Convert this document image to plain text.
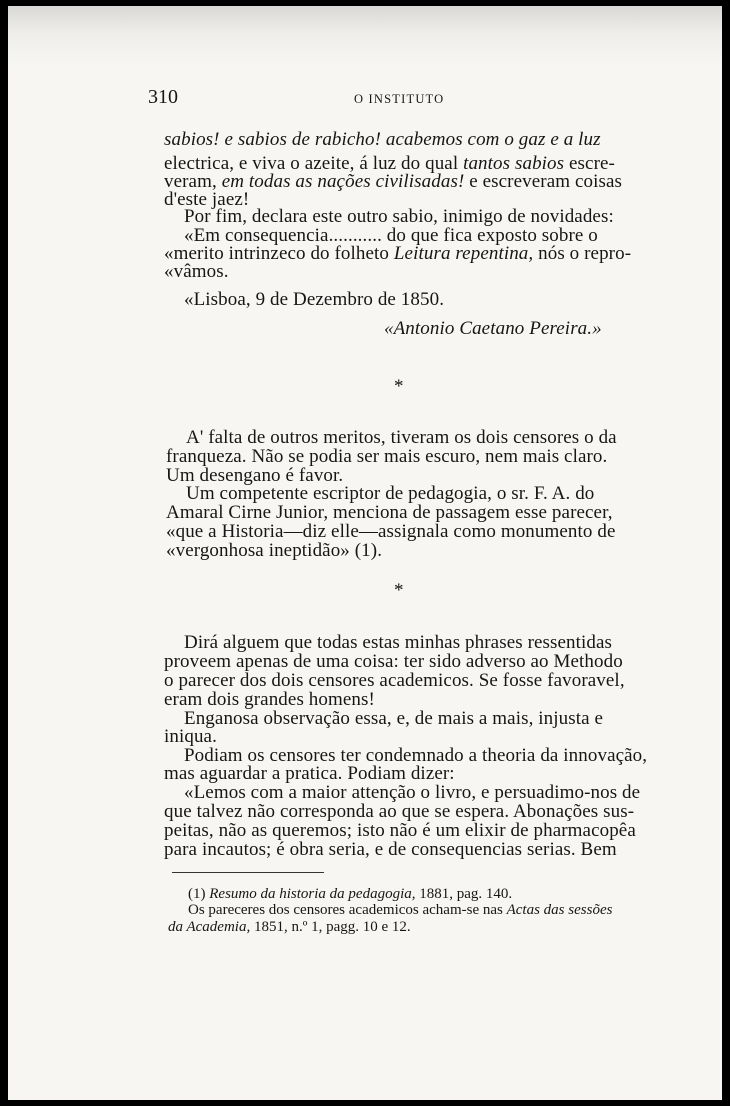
310	O INSTITUTO
sabios! e sabios de rabicho! acabemos com o gaz e a luz
electrica, e viva o azeite, á luz do qual tantos sabios escre-
veram, em todas as nações civilisadas! e escreveram coisas
d'este jaez!
Por fim, declara este outro sabio, inimigo de novidades:
«Em consequencia........... do que fica exposto sobre o
«merito intrinzeco do folheto Leitura repentina, nós o repro-
«vâmos.
«Lisboa, 9 de Dezembro de 1850.
«Antonio Caetano Pereira.»
*
A' falta de outros meritos, tiveram os dois censores o da
franqueza. Não se podia ser mais escuro, nem mais claro.
Um desengano é favor.
Um competente escriptor de pedagogia, o sr. F. A. do
Amaral Cirne Junior, menciona de passagem esse parecer,
«que a Historia—diz elle—assignala como monumento de
«vergonhosa ineptidão» (1).
*
Dirá alguem que todas estas minhas phrases ressentidas
proveem apenas de uma coisa: ter sido adverso ao Methodo
o parecer dos dois censores academicos. Se fosse favoravel,
eram dois grandes homens!
Enganosa observação essa, e, de mais a mais, injusta e
iniqua.
Podiam os censores ter condemnado a theoria da innovação,
mas aguardar a pratica. Podiam dizer:
«Lemos com a maior attenção o livro, e persuadimo-nos de
que talvez não corresponda ao que se espera. Abonações sus-
peitas, não as queremos; isto não é um elixir de pharmacopêa
para incautos; é obra seria, e de consequencias serias. Bem
(1) Resumo da historia da pedagogia, 1881, pag. 140.
Os pareceres dos censores academicos acham-se nas Actas das sessões
da Academia, 1851, n.º 1, pagg. 10 e 12.
